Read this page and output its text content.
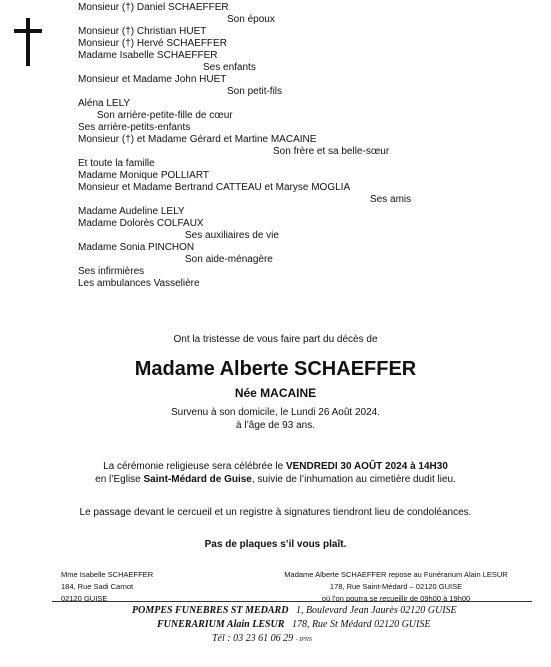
Monsieur (†) Daniel SCHAEFFER
Son époux
Monsieur (†) Christian HUET
Monsieur (†) Hervé SCHAEFFER
Madame Isabelle SCHAEFFER
Ses enfants
Monsieur et Madame John HUET
Son petit-fils
Aléna LELY
Son arrière-petite-fille de cœur
Ses arrière-petits-enfants
Monsieur (†) et Madame Gérard et Martine MACAINE
Son frère et sa belle-sœur
Et toute la famille
Madame Monique POLLIART
Monsieur et Madame Bertrand CATTEAU et Maryse MOGLIA
Ses amis
Madame Audeline LELY
Madame Dolorès COLFAUX
Ses auxiliaires de vie
Madame Sonia PINCHON
Son aide-ménagère
Ses infirmières
Les ambulances Vasselière
Ont la tristesse de vous faire part du décès de
Madame Alberte SCHAEFFER
Née MACAINE
Survenu à son domicile, le Lundi 26 Août 2024.
à l’âge de 93 ans.
La cérémonie religieuse sera célébrée le VENDREDI 30 AOÛT 2024 à 14H30
en l’Eglise Saint-Médard de Guise, suivie de l’inhumation au cimetière dudit lieu.
Le passage devant le cercueil et un registre à signatures tiendront lieu de condoléances.
Pas de plaques s’il vous plaît.
Mme Isabelle SCHAEFFER
184, Rue Sadi Carnot
02120 GUISE
Madame Alberte SCHAEFFER repose au Funérarium Alain LESUR
178, Rue Saint-Médard – 02120 GUISE
où l’on pourra se recueillir de 09h00 à 19h00
POMPES FUNEBRES ST MEDARD 1, Boulevard Jean Jaurès 02120 GUISE
FUNERARIUM Alain LESUR 178, Rue St Médard 02120 GUISE
Tél : 03 23 61 06 29 - IPNS
